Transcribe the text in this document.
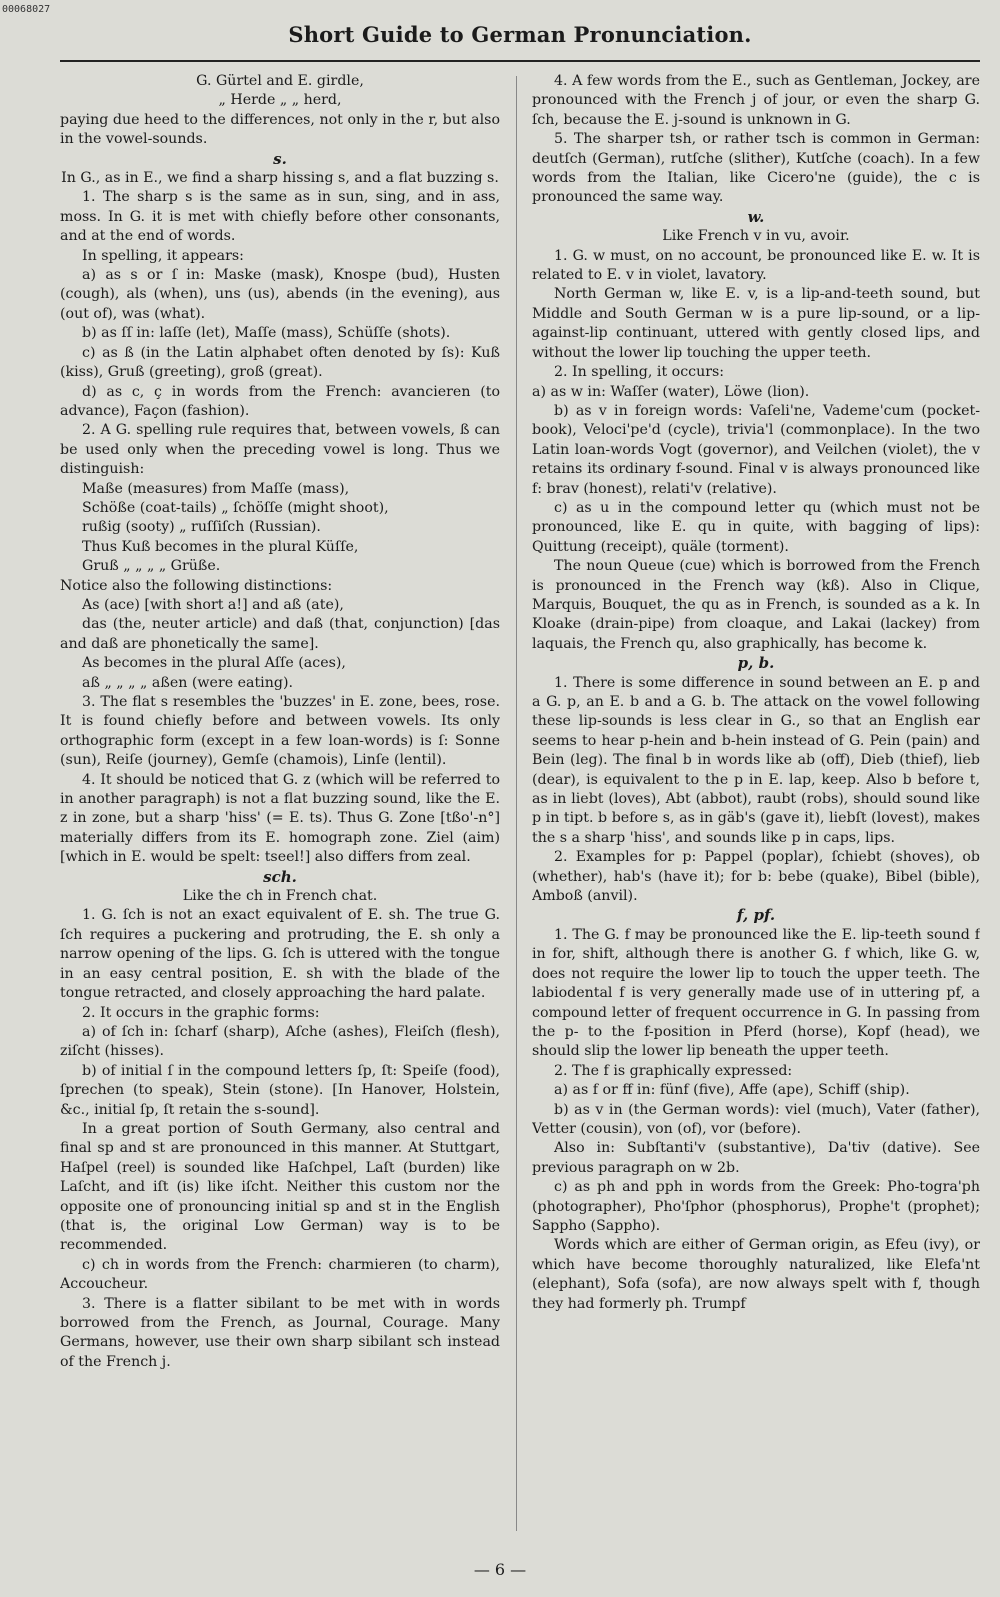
00068027
Short Guide to German Pronunciation.

G. Gürtel and E. girdle,

„ Herde „ „ herd,

paying due heed to the differences, not only in the r, but also in the vowel-sounds.

s.

In G., as in E., we find a sharp hissing s, and a flat buzzing s.

1. The sharp s is the same as in sun, sing, and in ass, moss. In G. it is met with chiefly before other consonants, and at the end of words.

In spelling, it appears:

a) as s or ſ in: Maske (mask), Knospe (bud), Husten (cough), als (when), uns (us), abends (in the evening), aus (out of), was (what).

b) as ſſ in: laſſe (let), Maſſe (mass), Schüſſe (shots).

c) as ß (in the Latin alphabet often denoted by ſs): Kuß (kiss), Gruß (greeting), groß (great).

d) as c, ç in words from the French: avancieren (to advance), Façon (fashion).

2. A G. spelling rule requires that, between vowels, ß can be used only when the preceding vowel is long. Thus we distinguish:

Maße (measures) from Maſſe (mass),

Schöße (coat-tails) „ ſchöſſe (might shoot),

rußig (sooty) „ ruſſiſch (Russian).

Thus Kuß becomes in the plural Küſſe,

Gruß „ „ „ „ Grüße.

Notice also the following distinctions:

As (ace) [with short a!] and aß (ate),

das (the, neuter article) and daß (that, conjunction) [das and daß are phonetically the same].

As becomes in the plural Aſſe (aces),

aß „ „ „ „ aßen (were eating).

3. The flat s resembles the 'buzzes' in E. zone, bees, rose. It is found chiefly before and between vowels. Its only orthographic form (except in a few loan-words) is ſ: Sonne (sun), Reiſe (journey), Gemſe (chamois), Linſe (lentil).

4. It should be noticed that G. z (which will be referred to in another paragraph) is not a flat buzzing sound, like the E. z in zone, but a sharp 'hiss' (= E. ts). Thus G. Zone [tßo'-n°] materially differs from its E. homograph zone. Ziel (aim) [which in E. would be spelt: tseel!] also differs from zeal.

sch.

Like the ch in French chat.

1. G. ſch is not an exact equivalent of E. sh. The true G. ſch requires a puckering and protruding, the E. sh only a narrow opening of the lips. G. ſch is uttered with the tongue in an easy central position, E. sh with the blade of the tongue retracted, and closely approaching the hard palate.

2. It occurs in the graphic forms:

a) of ſch in: ſcharf (sharp), Aſche (ashes), Fleiſch (flesh), ziſcht (hisses).

b) of initial ſ in the compound letters ſp, ſt: Speiſe (food), ſprechen (to speak), Stein (stone). [In Hanover, Holstein, &c., initial ſp, ſt retain the s-sound].

In a great portion of South Germany, also central and final sp and st are pronounced in this manner. At Stuttgart, Haſpel (reel) is sounded like Haſchpel, Laſt (burden) like Laſcht, and iſt (is) like iſcht. Neither this custom nor the opposite one of pronouncing initial sp and st in the English (that is, the original Low German) way is to be recommended.

c) ch in words from the French: charmieren (to charm), Accoucheur.

3. There is a flatter sibilant to be met with in words borrowed from the French, as Journal, Courage. Many Germans, however, use their own sharp sibilant sch instead of the French j.

4. A few words from the E., such as Gentleman, Jockey, are pronounced with the French j of jour, or even the sharp G. ſch, because the E. j-sound is unknown in G.

5. The sharper tsh, or rather tsch is common in German: deutſch (German), rutſche (slither), Kutſche (coach). In a few words from the Italian, like Cicero'ne (guide), the c is pronounced the same way.

w.

Like French v in vu, avoir.

1. G. w must, on no account, be pronounced like E. w. It is related to E. v in violet, lavatory.

North German w, like E. v, is a lip-and-teeth sound, but Middle and South German w is a pure lip-sound, or a lip-against-lip continuant, uttered with gently closed lips, and without the lower lip touching the upper teeth.

2. In spelling, it occurs:

a) as w in: Waſſer (water), Löwe (lion).

b) as v in foreign words: Vaſeli'ne, Vademe'cum (pocket-book), Veloci'pe'd (cycle), trivia'l (commonplace). In the two Latin loan-words Vogt (governor), and Veilchen (violet), the v retains its ordinary f-sound. Final v is always pronounced like f: brav (honest), relati'v (relative).

c) as u in the compound letter qu (which must not be pronounced, like E. qu in quite, with bagging of lips): Quittung (receipt), quäle (torment).

The noun Queue (cue) which is borrowed from the French is pronounced in the French way (kß). Also in Clique, Marquis, Bouquet, the qu as in French, is sounded as a k. In Kloake (drain-pipe) from cloaque, and Lakai (lackey) from laquais, the French qu, also graphically, has become k.

p, b.

1. There is some difference in sound between an E. p and a G. p, an E. b and a G. b. The attack on the vowel following these lip-sounds is less clear in G., so that an English ear seems to hear p-hein and b-hein instead of G. Pein (pain) and Bein (leg). The final b in words like ab (off), Dieb (thief), lieb (dear), is equivalent to the p in E. lap, keep. Also b before t, as in liebt (loves), Abt (abbot), raubt (robs), should sound like p in tipt. b before s, as in gäb's (gave it), liebſt (lovest), makes the s a sharp 'hiss', and sounds like p in caps, lips.

2. Examples for p: Pappel (poplar), ſchiebt (shoves), ob (whether), hab's (have it); for b: bebe (quake), Bibel (bible), Amboß (anvil).

f, pf.

1. The G. f may be pronounced like the E. lip-teeth sound f in for, shift, although there is another G. f which, like G. w, does not require the lower lip to touch the upper teeth. The labiodental f is very generally made use of in uttering pf, a compound letter of frequent occurrence in G. In passing from the p- to the f-position in Pferd (horse), Kopf (head), we should slip the lower lip beneath the upper teeth.

2. The f is graphically expressed:

a) as f or ff in: fünf (five), Affe (ape), Schiff (ship).

b) as v in (the German words): viel (much), Vater (father), Vetter (cousin), von (of), vor (before).

Also in: Subſtanti'v (substantive), Da'tiv (dative). See previous paragraph on w 2b.

c) as ph and pph in words from the Greek: Pho-togra'ph (photographer), Pho'ſphor (phosphorus), Prophe't (prophet); Sappho (Sappho).

Words which are either of German origin, as Efeu (ivy), or which have become thoroughly naturalized, like Elefa'nt (elephant), Sofa (sofa), are now always spelt with f, though they had formerly ph. Trumpf

— 6 —
